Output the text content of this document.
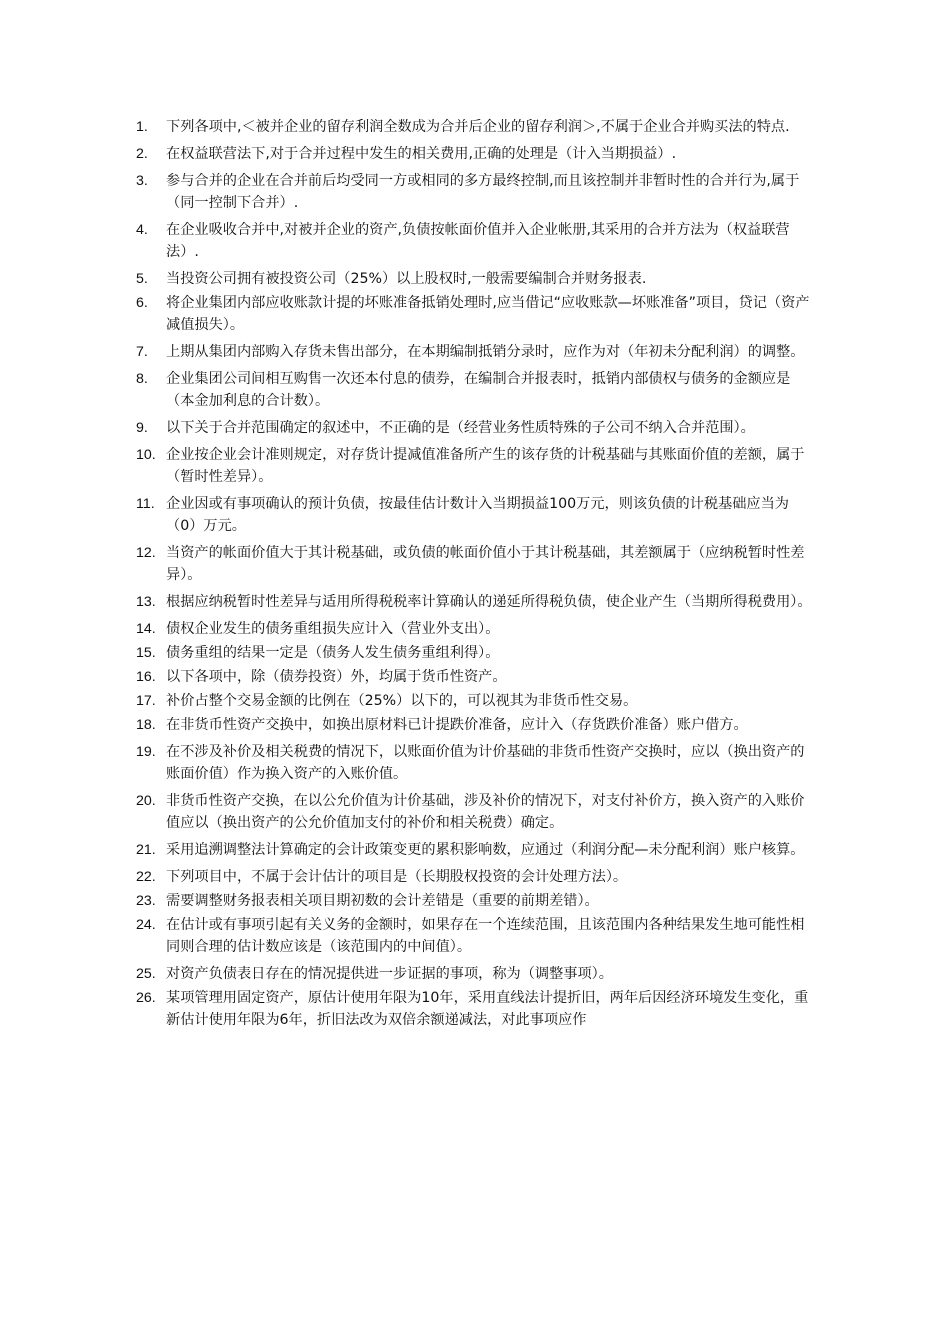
1.	下列各项中,＜被并企业的留存利润全数成为合并后企业的留存利润＞,不属于企业合并购买法的特点.
2.	在权益联营法下,对于合并过程中发生的相关费用,正确的处理是（计入当期损益）.
3.	参与合并的企业在合并前后均受同一方或相同的多方最终控制,而且该控制并非暂时性的合并行为,属于（同一控制下合并）.
4.	在企业吸收合并中,对被并企业的资产,负债按帐面价值并入企业帐册,其采用的合并方法为（权益联营法）.
5.	当投资公司拥有被投资公司（25%）以上股权时,一般需要编制合并财务报表.
6.	将企业集团内部应收账款计提的坏账准备抵销处理时,应当借记“应收账款—坏账准备”项目，贷记（资产减值损失）。
7.	上期从集团内部购入存货未售出部分，在本期编制抵销分录时，应作为对（年初未分配利润）的调整。
8.	企业集团公司间相互购售一次还本付息的债券，在编制合并报表时，抵销内部债权与债务的金额应是（本金加利息的合计数）。
9.	以下关于合并范围确定的叙述中，不正确的是（经营业务性质特殊的子公司不纳入合并范围）。
10. 企业按企业会计准则规定，对存货计提减值准备所产生的该存货的计税基础与其账面价值的差额，属于（暂时性差异）。
11. 企业因或有事项确认的预计负债，按最佳估计数计入当期损益100万元，则该负债的计税基础应当为（0）万元。
12. 当资产的帐面价值大于其计税基础，或负债的帐面价值小于其计税基础，其差额属于（应纳税暂时性差异）。
13. 根据应纳税暂时性差异与适用所得税税率计算确认的递延所得税负债，使企业产生（当期所得税费用）。
14. 债权企业发生的债务重组损失应计入（营业外支出）。
15. 债务重组的结果一定是（债务人发生债务重组利得）。
16. 以下各项中，除（债券投资）外，均属于货币性资产。
17. 补价占整个交易金额的比例在（25%）以下的，可以视其为非货币性交易。
18. 在非货币性资产交换中，如换出原材料已计提跌价准备，应计入（存货跌价准备）账户借方。
19. 在不涉及补价及相关税费的情况下，以账面价值为计价基础的非货币性资产交换时，应以（换出资产的账面价值）作为换入资产的入账价值。
20. 非货币性资产交换，在以公允价值为计价基础，涉及补价的情况下，对支付补价方，换入资产的入账价值应以（换出资产的公允价值加支付的补价和相关税费）确定。
21. 采用追溯调整法计算确定的会计政策变更的累积影响数，应通过（利润分配—未分配利润）账户核算。
22. 下列项目中，不属于会计估计的项目是（长期股权投资的会计处理方法）。
23. 需要调整财务报表相关项目期初数的会计差错是（重要的前期差错）。
24. 在估计或有事项引起有关义务的金额时，如果存在一个连续范围，且该范围内各种结果发生地可能性相同则合理的估计数应该是（该范围内的中间值）。
25. 对资产负债表日存在的情况提供进一步证据的事项，称为（调整事项）。
26. 某项管理用固定资产，原估计使用年限为10年，采用直线法计提折旧，两年后因经济环境发生变化，重新估计使用年限为6年，折旧法改为双倍余额递减法，对此事项应作
